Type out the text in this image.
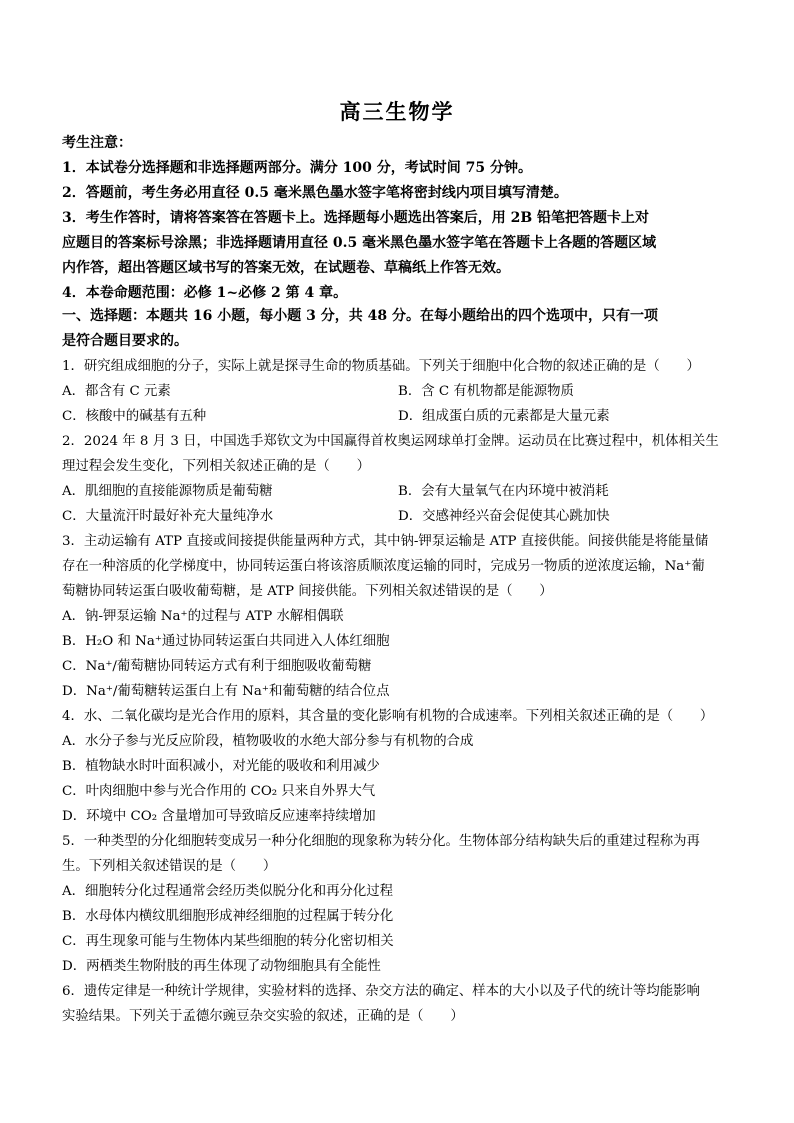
高三生物学
考生注意：
1．本试卷分选择题和非选择题两部分。满分 100 分，考试时间 75 分钟。
2．答题前，考生务必用直径 0.5 毫米黑色墨水签字笔将密封线内项目填写清楚。
3．考生作答时，请将答案答在答题卡上。选择题每小题选出答案后，用 2B 铅笔把答题卡上对
应题目的答案标号涂黑；非选择题请用直径 0.5 毫米黑色墨水签字笔在答题卡上各题的答题区域
内作答，超出答题区域书写的答案无效，在试题卷、草稿纸上作答无效。
4．本卷命题范围：必修 1~必修 2 第 4 章。
一、选择题：本题共 16 小题，每小题 3 分，共 48 分。在每小题给出的四个选项中，只有一项
是符合题目要求的。
1．研究组成细胞的分子，实际上就是探寻生命的物质基础。下列关于细胞中化合物的叙述正确的是（　　）
A．都含有 C 元素	B．含 C 有机物都是能源物质
C．核酸中的碱基有五种	D．组成蛋白质的元素都是大量元素
2．2024 年 8 月 3 日，中国选手郑钦文为中国赢得首枚奥运网球单打金牌。运动员在比赛过程中，机体相关生
理过程会发生变化，下列相关叙述正确的是（　　）
A．肌细胞的直接能源物质是葡萄糖	B．会有大量氧气在内环境中被消耗
C．大量流汗时最好补充大量纯净水	D．交感神经兴奋会促使其心跳加快
3．主动运输有 ATP 直接或间接提供能量两种方式，其中钠-钾泵运输是 ATP 直接供能。间接供能是将能量储
存在一种溶质的化学梯度中，协同转运蛋白将该溶质顺浓度运输的同时，完成另一物质的逆浓度运输，Na⁺葡
萄糖协同转运蛋白吸收葡萄糖，是 ATP 间接供能。下列相关叙述错误的是（　　）
A．钠-钾泵运输 Na⁺的过程与 ATP 水解相偶联
B．H₂O 和 Na⁺通过协同转运蛋白共同进入人体红细胞
C．Na⁺/葡萄糖协同转运方式有利于细胞吸收葡萄糖
D．Na⁺/葡萄糖转运蛋白上有 Na⁺和葡萄糖的结合位点
4．水、二氧化碳均是光合作用的原料，其含量的变化影响有机物的合成速率。下列相关叙述正确的是（　　）
A．水分子参与光反应阶段，植物吸收的水绝大部分参与有机物的合成
B．植物缺水时叶面积减小，对光能的吸收和利用减少
C．叶肉细胞中参与光合作用的 CO₂ 只来自外界大气
D．环境中 CO₂ 含量增加可导致暗反应速率持续增加
5．一种类型的分化细胞转变成另一种分化细胞的现象称为转分化。生物体部分结构缺失后的重建过程称为再
生。下列相关叙述错误的是（　　）
A．细胞转分化过程通常会经历类似脱分化和再分化过程
B．水母体内横纹肌细胞形成神经细胞的过程属于转分化
C．再生现象可能与生物体内某些细胞的转分化密切相关
D．两栖类生物附肢的再生体现了动物细胞具有全能性
6．遗传定律是一种统计学规律，实验材料的选择、杂交方法的确定、样本的大小以及子代的统计等均能影响
实验结果。下列关于孟德尔豌豆杂交实验的叙述，正确的是（　　）
